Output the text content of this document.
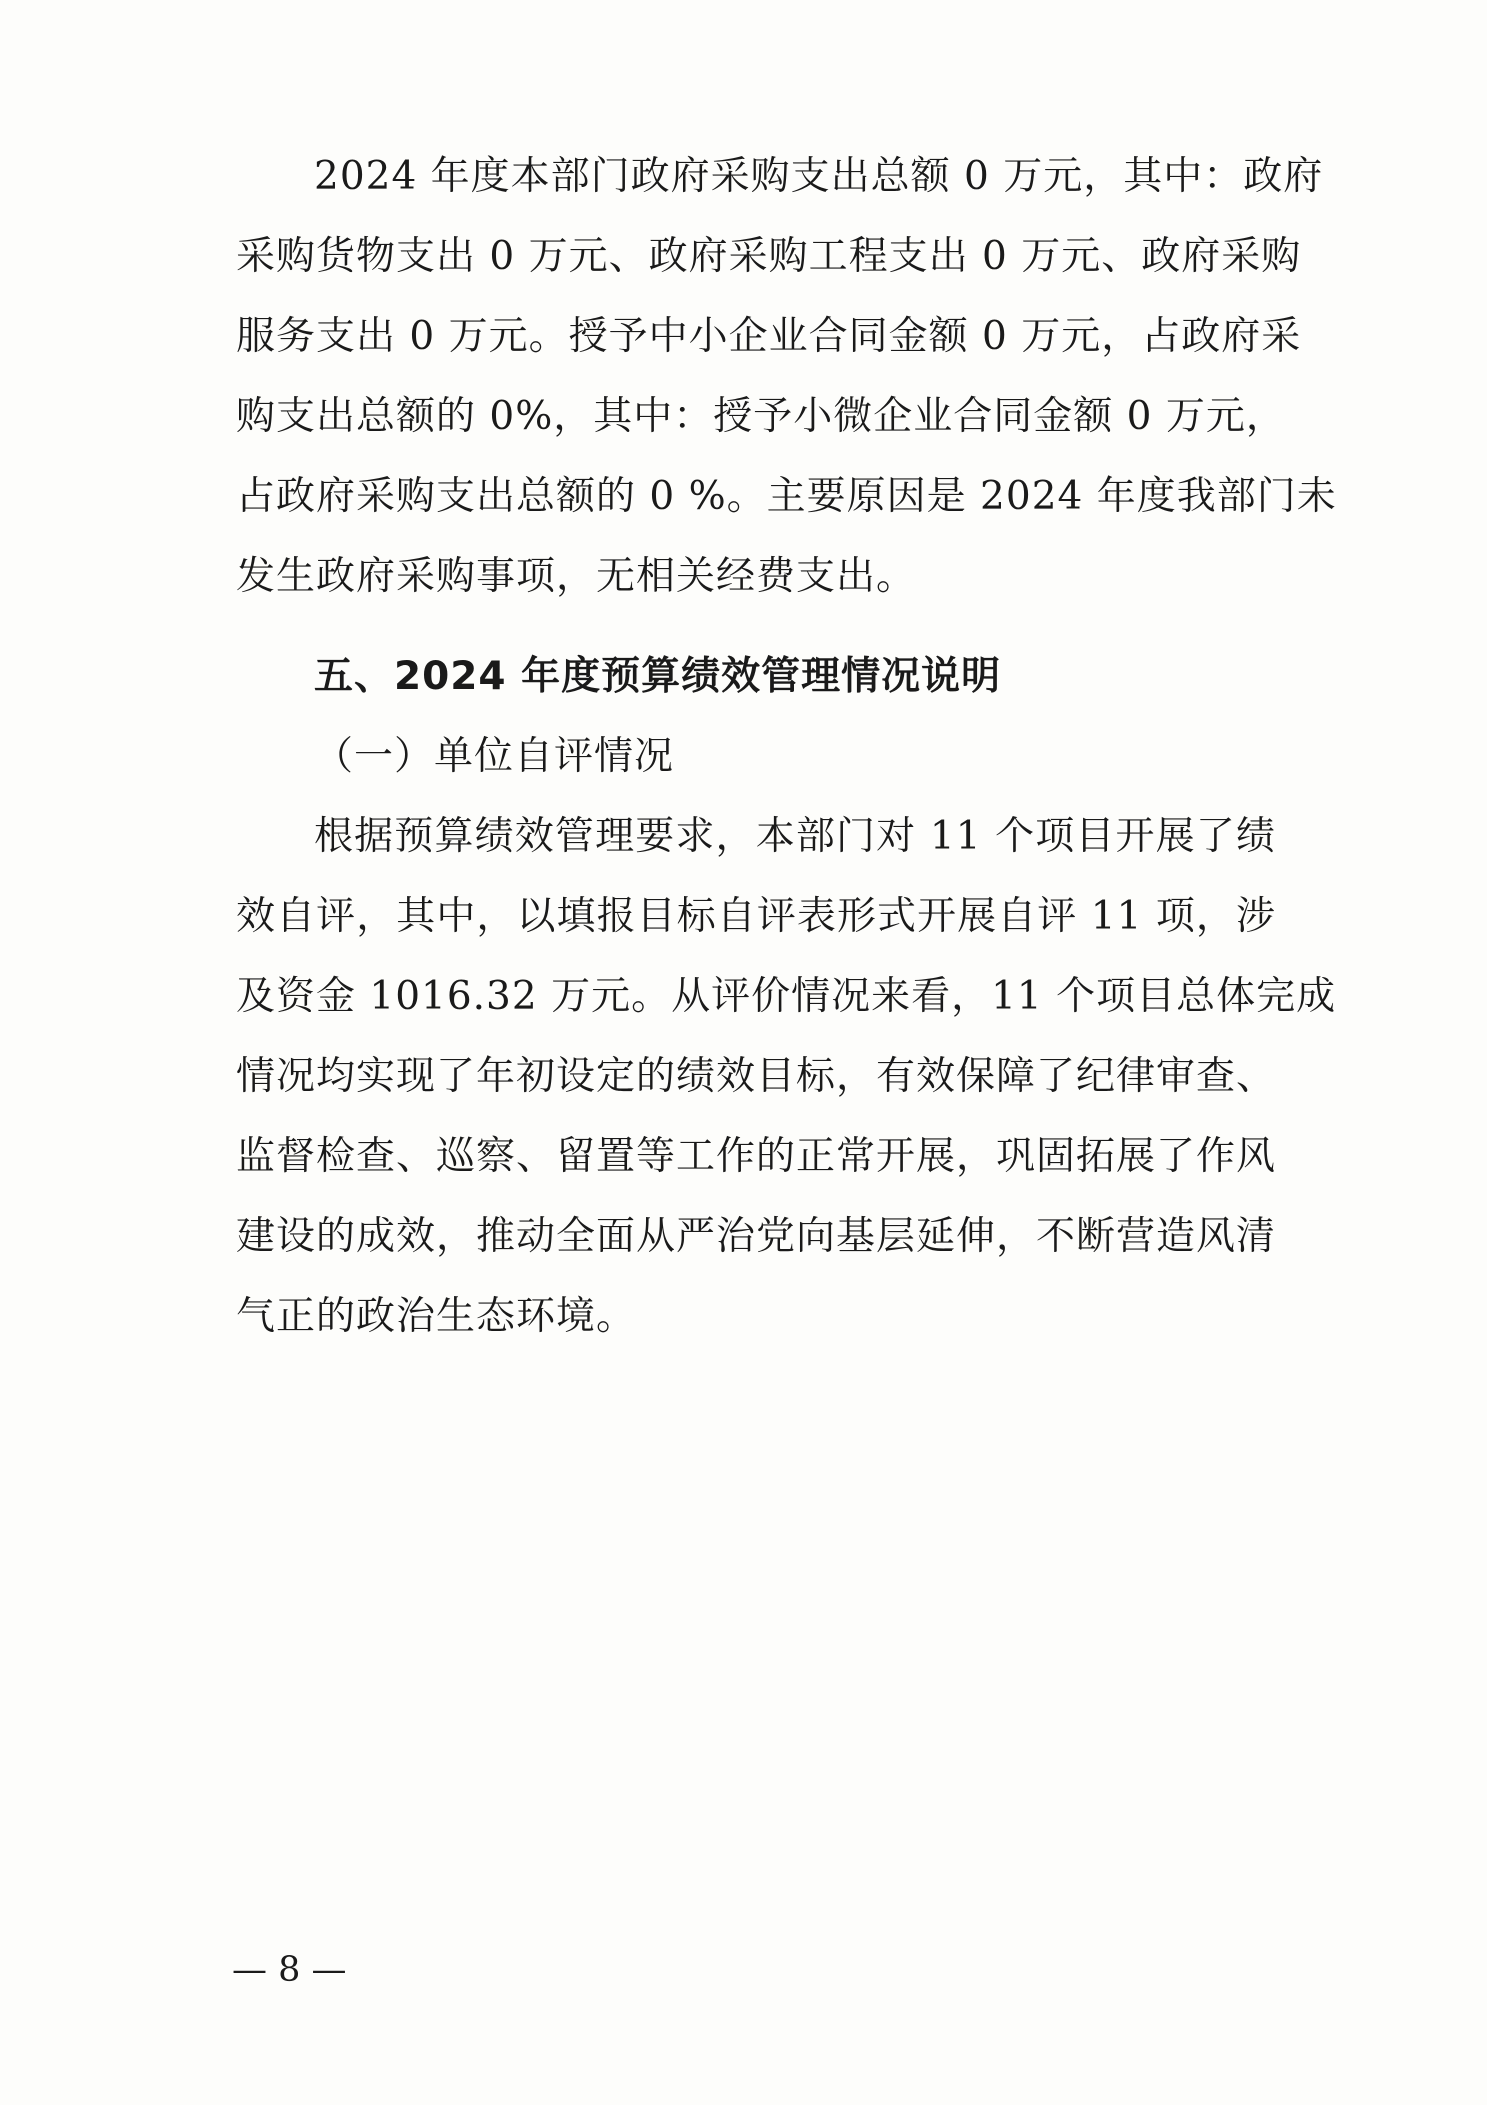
2024 年度本部门政府采购支出总额 0 万元，其中：政府
采购货物支出 0 万元、政府采购工程支出 0 万元、政府采购
服务支出 0 万元。授予中小企业合同金额 0 万元，占政府采
购支出总额的 0%，其中：授予小微企业合同金额 0 万元，
占政府采购支出总额的 0 %。主要原因是 2024 年度我部门未
发生政府采购事项，无相关经费支出。
五、2024 年度预算绩效管理情况说明
（一）单位自评情况
根据预算绩效管理要求，本部门对 11 个项目开展了绩
效自评，其中，以填报目标自评表形式开展自评 11 项，涉
及资金 1016.32 万元。从评价情况来看，11 个项目总体完成
情况均实现了年初设定的绩效目标，有效保障了纪律审查、
监督检查、巡察、留置等工作的正常开展，巩固拓展了作风
建设的成效，推动全面从严治党向基层延伸，不断营造风清
气正的政治生态环境。
— 8 —
